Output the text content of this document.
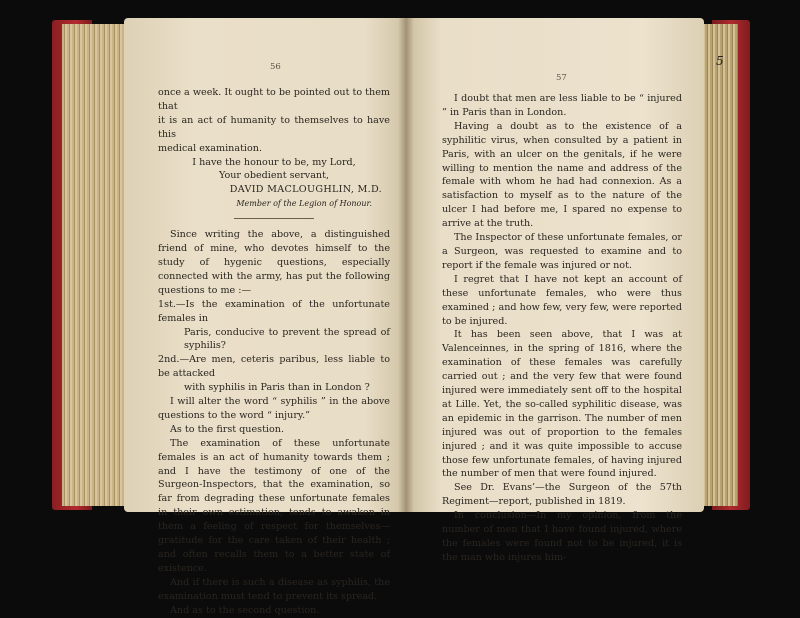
56

once a week. It ought to be pointed out to them that

it is an act of humanity to themselves to have this

medical examination.

I have the honour to be, my Lord,

Your obedient servant,

DAVID MACLOUGHLIN, M.D.

Member of the Legion of Honour.

Since writing the above, a distinguished friend of mine, who devotes himself to the study of hygenic questions, especially connected with the army, has put the following questions to me :—

1st.—Is the examination of the unfortunate females in

Paris, conducive to prevent the spread of syphilis?

2nd.—Are men, ceteris paribus, less liable to be attacked

with syphilis in Paris than in London ?

I will alter the word “ syphilis ” in the above questions to the word “ injury.”

As to the first question.

The examination of these unfortunate females is an act of humanity towards them ; and I have the testimony of one of the Surgeon-Inspectors, that the examination, so far from degrading these unfortunate females in their own estimation, tends to awaken in them a feeling of respect for themselves—gratitude for the care taken of their health ; and often recalls them to a better state of existence.

And if there is such a disease as syphilis, the examination must tend to prevent its spread.

And as to the second question.

57

I doubt that men are less liable to be “ injured ” in Paris than in London.

Having a doubt as to the existence of a syphilitic virus, when consulted by a patient in Paris, with an ulcer on the genitals, if he were willing to mention the name and address of the female with whom he had had connexion. As a satisfaction to myself as to the nature of the ulcer I had before me, I spared no expense to arrive at the truth.

The Inspector of these unfortunate females, or a Surgeon, was requested to examine and to report if the female was injured or not.

I regret that I have not kept an account of these unfortunate females, who were thus examined ; and how few, very few, were reported to be injured.

It has been seen above, that I was at Valenceinnes, in the spring of 1816, where the examination of these females was carefully carried out ; and the very few that were found injured were immediately sent off to the hospital at Lille. Yet, the so-called syphilitic disease, was an epidemic in the garrison. The number of men injured was out of proportion to the females injured ; and it was quite impossible to accuse those few unfortunate females, of having injured the number of men that were found injured.

See Dr. Evans’—the Surgeon of the 57th Regiment—report, published in 1819.

In conclusion—In my opinion, from the number of men that I have found injured, where the females were found not to be injured, it is the man who injures him-

5
